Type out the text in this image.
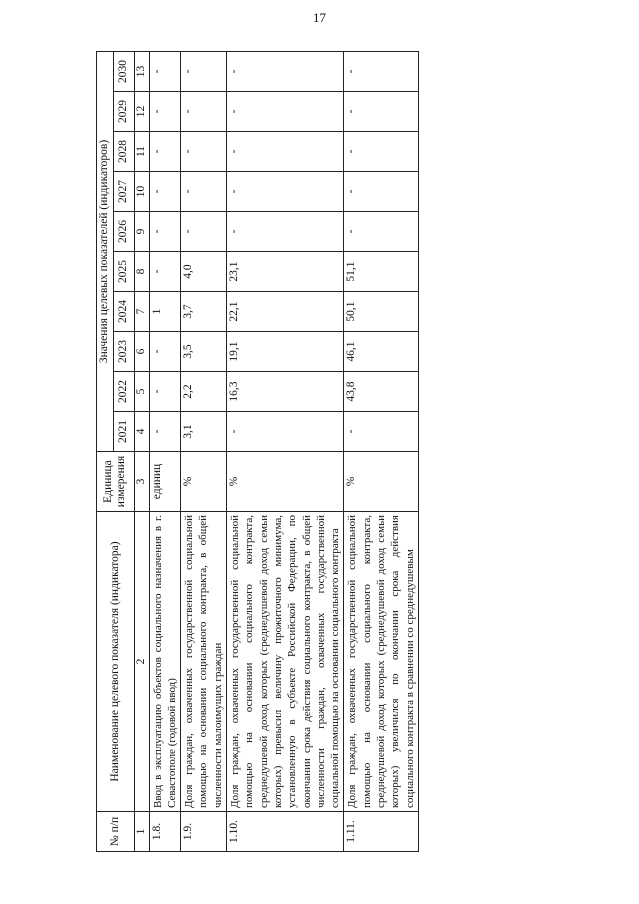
17
№ п/п	Наименование целевого показателя (индикатора)	Единица измерения	Значения целевых показателей (индикаторов)									
			2021	2022	2023	2024	2025	2026	2027	2028	2029	2030
1	2	3	4	5	6	7	8	9	10	11	12	13
1.8.	Ввод в эксплуатацию объектов социального назначения в г. Севастополе (годовой ввод)	единиц	-	-	-	1	-	-	-	-	-	-
1.9.	Доля граждан, охваченных государственной социальной помощью на основании социального контракта, в общей численности малоимущих граждан	%	3,1	2,2	3,5	3,7	4,0	-	-	-	-	-
1.10.	Доля граждан, охваченных государственной социальной помощью на основании социального контракта, среднедушевой доход которых (среднедушевой доход семьи которых) превысил величину прожиточного минимума, установленную в субъекте Российской Федерации, по окончании срока действия социального контракта, в общей численности граждан, охваченных государственной социальной помощью на основании социального контракта	%	-	16,3	19,1	22,1	23,1	-	-	-	-	-
1.11.	Доля граждан, охваченных государственной социальной помощью на основании социального контракта, среднедушевой доход которых (среднедушевой доход семьи которых) увеличился по окончании срока действия социального контракта в сравнении со среднедушевым	%	-	43,8	46,1	50,1	51,1	-	-	-	-	-
